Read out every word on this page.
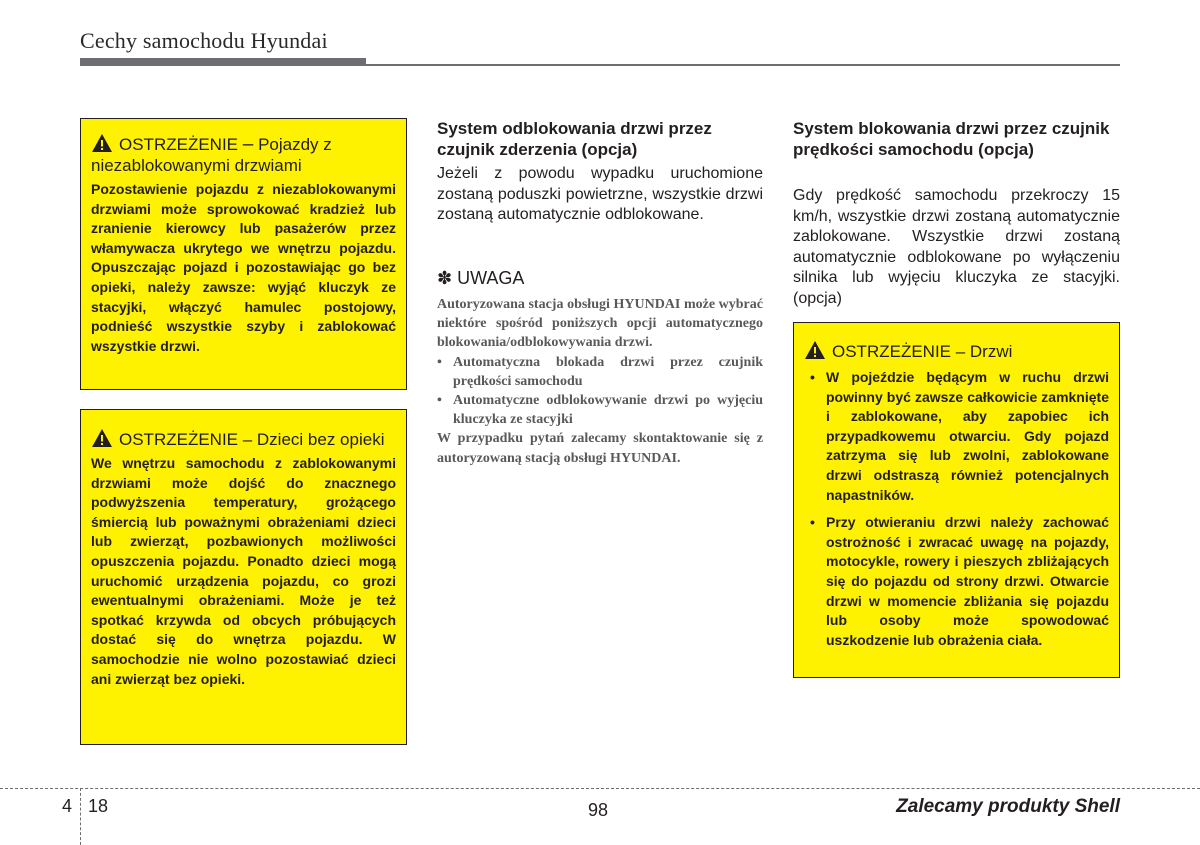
Cechy samochodu Hyundai
OSTRZEŻENIE – Pojazdy z niezablokowanymi drzwiami
Pozostawienie pojazdu z niezablokowanymi drzwiami może sprowokować kradzież lub zranienie kierowcy lub pasażerów przez włamywacza ukrytego we wnętrzu pojazdu. Opuszczając pojazd i pozostawiając go bez opieki, należy zawsze: wyjąć kluczyk ze stacyjki, włączyć hamulec postojowy, podnieść wszystkie szyby i zablokować wszystkie drzwi.
OSTRZEŻENIE – Dzieci bez opieki
We wnętrzu samochodu z zablokowanymi drzwiami może dojść do znacznego podwyższenia temperatury, grożącego śmiercią lub poważnymi obrażeniami dzieci lub zwierząt, pozbawionych możliwości opuszczenia pojazdu. Ponadto dzieci mogą uruchomić urządzenia pojazdu, co grozi ewentualnymi obrażeniami. Może je też spotkać krzywda od obcych próbujących dostać się do wnętrza pojazdu. W samochodzie nie wolno pozostawiać dzieci ani zwierząt bez opieki.
System odblokowania drzwi przez czujnik zderzenia (opcja)
Jeżeli z powodu wypadku uruchomione zostaną poduszki powietrzne, wszystkie drzwi zostaną automatycznie odblokowane.
✽ UWAGA
Autoryzowana stacja obsługi HYUNDAI może wybrać niektóre spośród poniższych opcji automatycznego blokowania/odblokowywania drzwi.
• Automatyczna blokada drzwi przez czujnik prędkości samochodu
• Automatyczne odblokowywanie drzwi po wyjęciu kluczyka ze stacyjki
W przypadku pytań zalecamy skontaktowanie się z autoryzowaną stacją obsługi HYUNDAI.
System blokowania drzwi przez czujnik prędkości samochodu (opcja)
Gdy prędkość samochodu przekroczy 15 km/h, wszystkie drzwi zostaną automatycznie zablokowane. Wszystkie drzwi zostaną automatycznie odblokowane po wyłączeniu silnika lub wyjęciu kluczyka ze stacyjki. (opcja)
OSTRZEŻENIE – Drzwi
• W pojeździe będącym w ruchu drzwi powinny być zawsze całkowicie zamknięte i zablokowane, aby zapobiec ich przypadkowemu otwarciu. Gdy pojazd zatrzyma się lub zwolni, zablokowane drzwi odstraszą również potencjalnych napastników.
• Przy otwieraniu drzwi należy zachować ostrożność i zwracać uwagę na pojazdy, motocykle, rowery i pieszych zbliżających się do pojazdu od strony drzwi. Otwarcie drzwi w momencie zbliżania się pojazdu lub osoby może spowodować uszkodzenie lub obrażenia ciała.
4 18	98	Zalecamy produkty Shell
